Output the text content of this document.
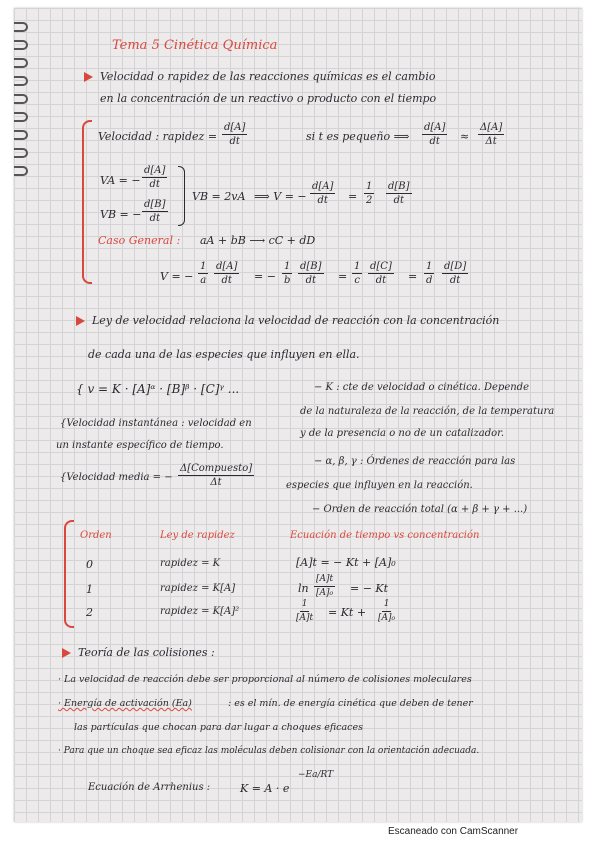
Tema 5 Cinética Química
Velocidad o rapidez de las reacciones químicas es el cambio
en la concentración de un reactivo o producto con el tiempo
Velocidad : rapidez = $\frac{d[A]}{dt}$	si t es pequeño ⟹ $\frac{d[A]}{dt} \approx \frac{\Delta[A]}{\Delta t}$
VA = − $\frac{d[A]}{dt}$
VB = − $\frac{d[B]}{dt}$
VB = 2vA ⟹ V = − $\frac{d[A]}{dt} = \frac{1}{2} \frac{d[B]}{dt}$
Caso General : aA + bB ⟶ cC + dD
V = − $\frac{1}{a} \frac{d[A]}{dt}$ = − $\frac{1}{b} \frac{d[B]}{dt} = \frac{1}{c} \frac{d[C]}{dt} = \frac{1}{d} \frac{d[D]}{dt}$
Ley de velocidad relaciona la velocidad de reacción con la concentración
de cada una de las especies que influyen en ella.
{ v = K · [A]ᵅ · [B]ᵝ · [C]ᵞ ...	− K : cte de velocidad o cinética. Depende
de la naturaleza de la reacción, de la temperatura
y de la presencia o no de un catalizador.
{Velocidad instantánea : velocidad en
un instante específico de tiempo.
{Velocidad media = −
Δ[Compuesto]
Δt
− α, β, γ : Órdenes de reacción para las
especies que influyen en la reacción.
− Orden de reacción total (α + β + γ + ...)
Orden	Ley de rapidez	Ecuación de tiempo vs concentración
0	rapidez = K	[A]t = − Kt + [A]₀
1	rapidez = K[A]	$\ln \frac{[A]t}{\text{[A]₀}}$ = − Kt
2	rapidez = K[A]²	$\frac{1}{[A]t} = Kt + \frac{1}{\text{[A]₀}}$
Teoría de las colisiones :
· La velocidad de reacción debe ser proporcional al número de colisiones moleculares
· Energía de activación (Ea)	: es el mín. de energía cinética que deben de tener
las partículas que chocan para dar lugar a choques eficaces
· Para que un choque sea eficaz las moléculas deben colisionar con la orientación adecuada.
Ecuación de Arrhenius :	K = A · e
−Ea/RT
Escaneado con CamScanner
